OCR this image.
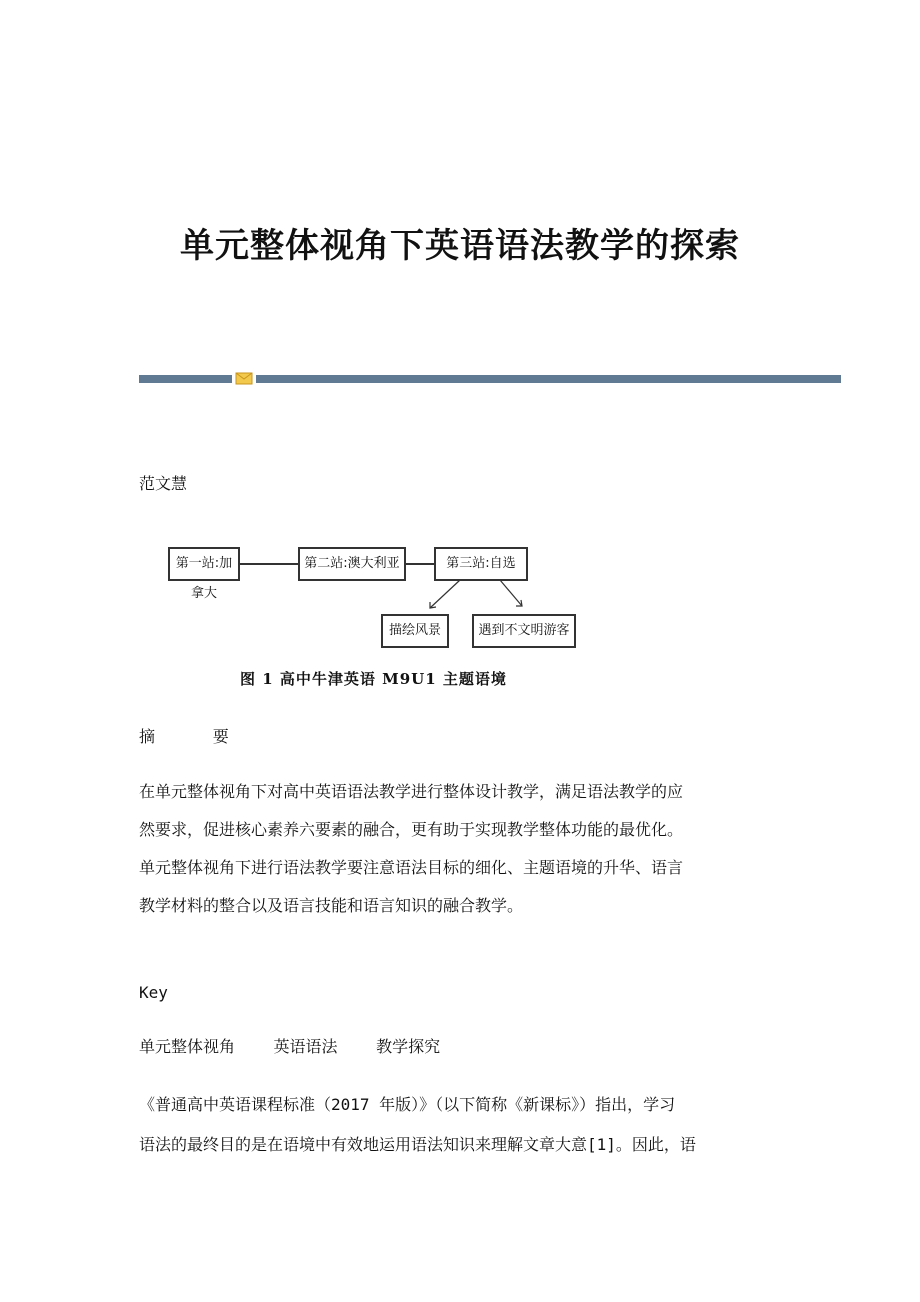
单元整体视角下英语语法教学的探索
范文慧
第一站:加拿大
第二站:澳大利亚	第三站:自选
描绘风景	遇到不文明游客
图 1 高中牛津英语 M9U1 主题语境
摘      要
在单元整体视角下对高中英语语法教学进行整体设计教学，满足语法教学的应
然要求，促进核心素养六要素的融合，更有助于实现教学整体功能的最优化。
单元整体视角下进行语法教学要注意语法目标的细化、主题语境的升华、语言
教学材料的整合以及语言技能和语言知识的融合教学。
Key
单元整体视角    英语语法    教学探究
《普通高中英语课程标准（2017 年版）》（以下简称《新课标》）指出，学习
语法的最终目的是在语境中有效地运用语法知识来理解文章大意[1]。因此，语
